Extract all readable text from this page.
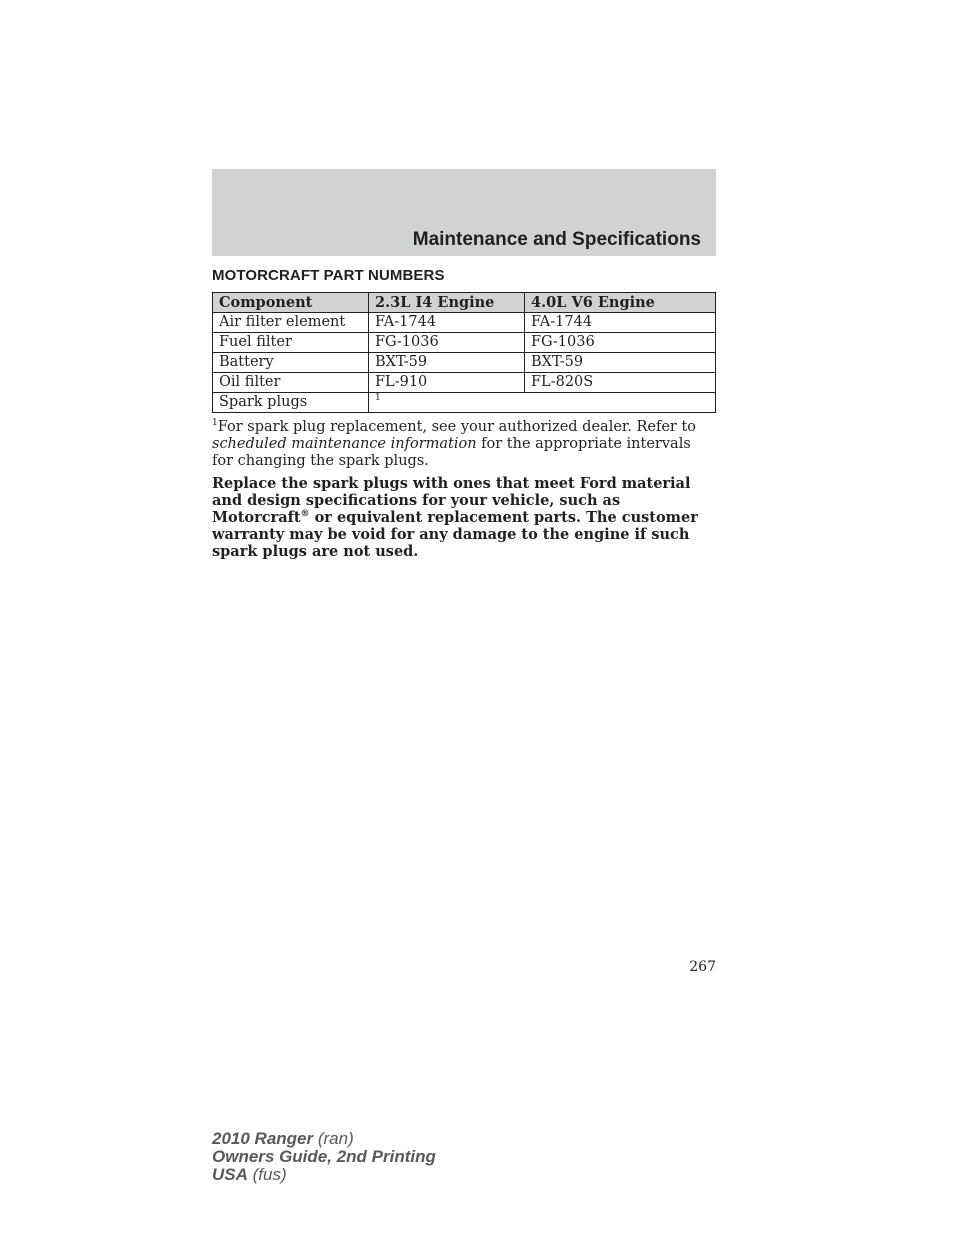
Maintenance and Specifications
MOTORCRAFT PART NUMBERS
Component	2.3L I4 Engine	4.0L V6 Engine
Air filter element	FA-1744	FA-1744
Fuel filter	FG-1036	FG-1036
Battery	BXT-59	BXT-59
Oil filter	FL-910	FL-820S
Spark plugs	$^1$

$^1$For spark plug replacement, see your authorized dealer. Refer to scheduled maintenance information for the appropriate intervals for changing the spark plugs.

Replace the spark plugs with ones that meet Ford material and design specifications for your vehicle, such as Motorcraft® or equivalent replacement parts. The customer warranty may be void for any damage to the engine if such spark plugs are not used.

267
2010 Ranger (ran)
Owners Guide, 2nd Printing
USA (fus)
